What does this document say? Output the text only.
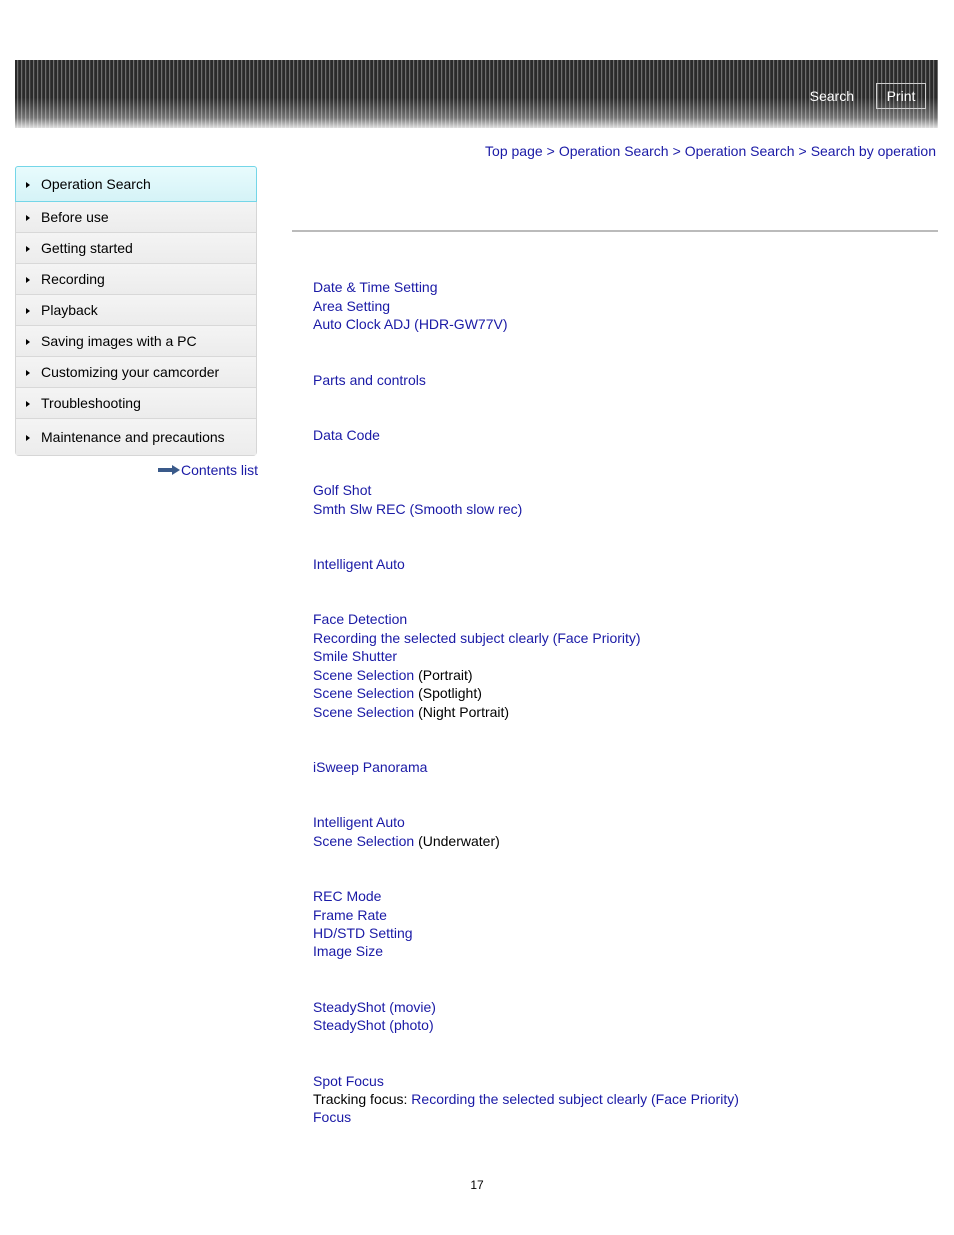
Search	Print
Top page > Operation Search > Operation Search > Search by operation
Operation Search
Before use
Getting started
Recording
Playback
Saving images with a PC
Customizing your camcorder
Troubleshooting
Maintenance and precautions
Contents list
Date & Time Setting
Area Setting
Auto Clock ADJ (HDR-GW77V)
Parts and controls
Data Code
Golf Shot
Smth Slw REC (Smooth slow rec)
Intelligent Auto
Face Detection
Recording the selected subject clearly (Face Priority)
Smile Shutter
Scene Selection (Portrait)
Scene Selection (Spotlight)
Scene Selection (Night Portrait)
iSweep Panorama
Intelligent Auto
Scene Selection (Underwater)
REC Mode
Frame Rate
HD/STD Setting
Image Size
SteadyShot (movie)
SteadyShot (photo)
Spot Focus
Tracking focus: Recording the selected subject clearly (Face Priority)
Focus
17
